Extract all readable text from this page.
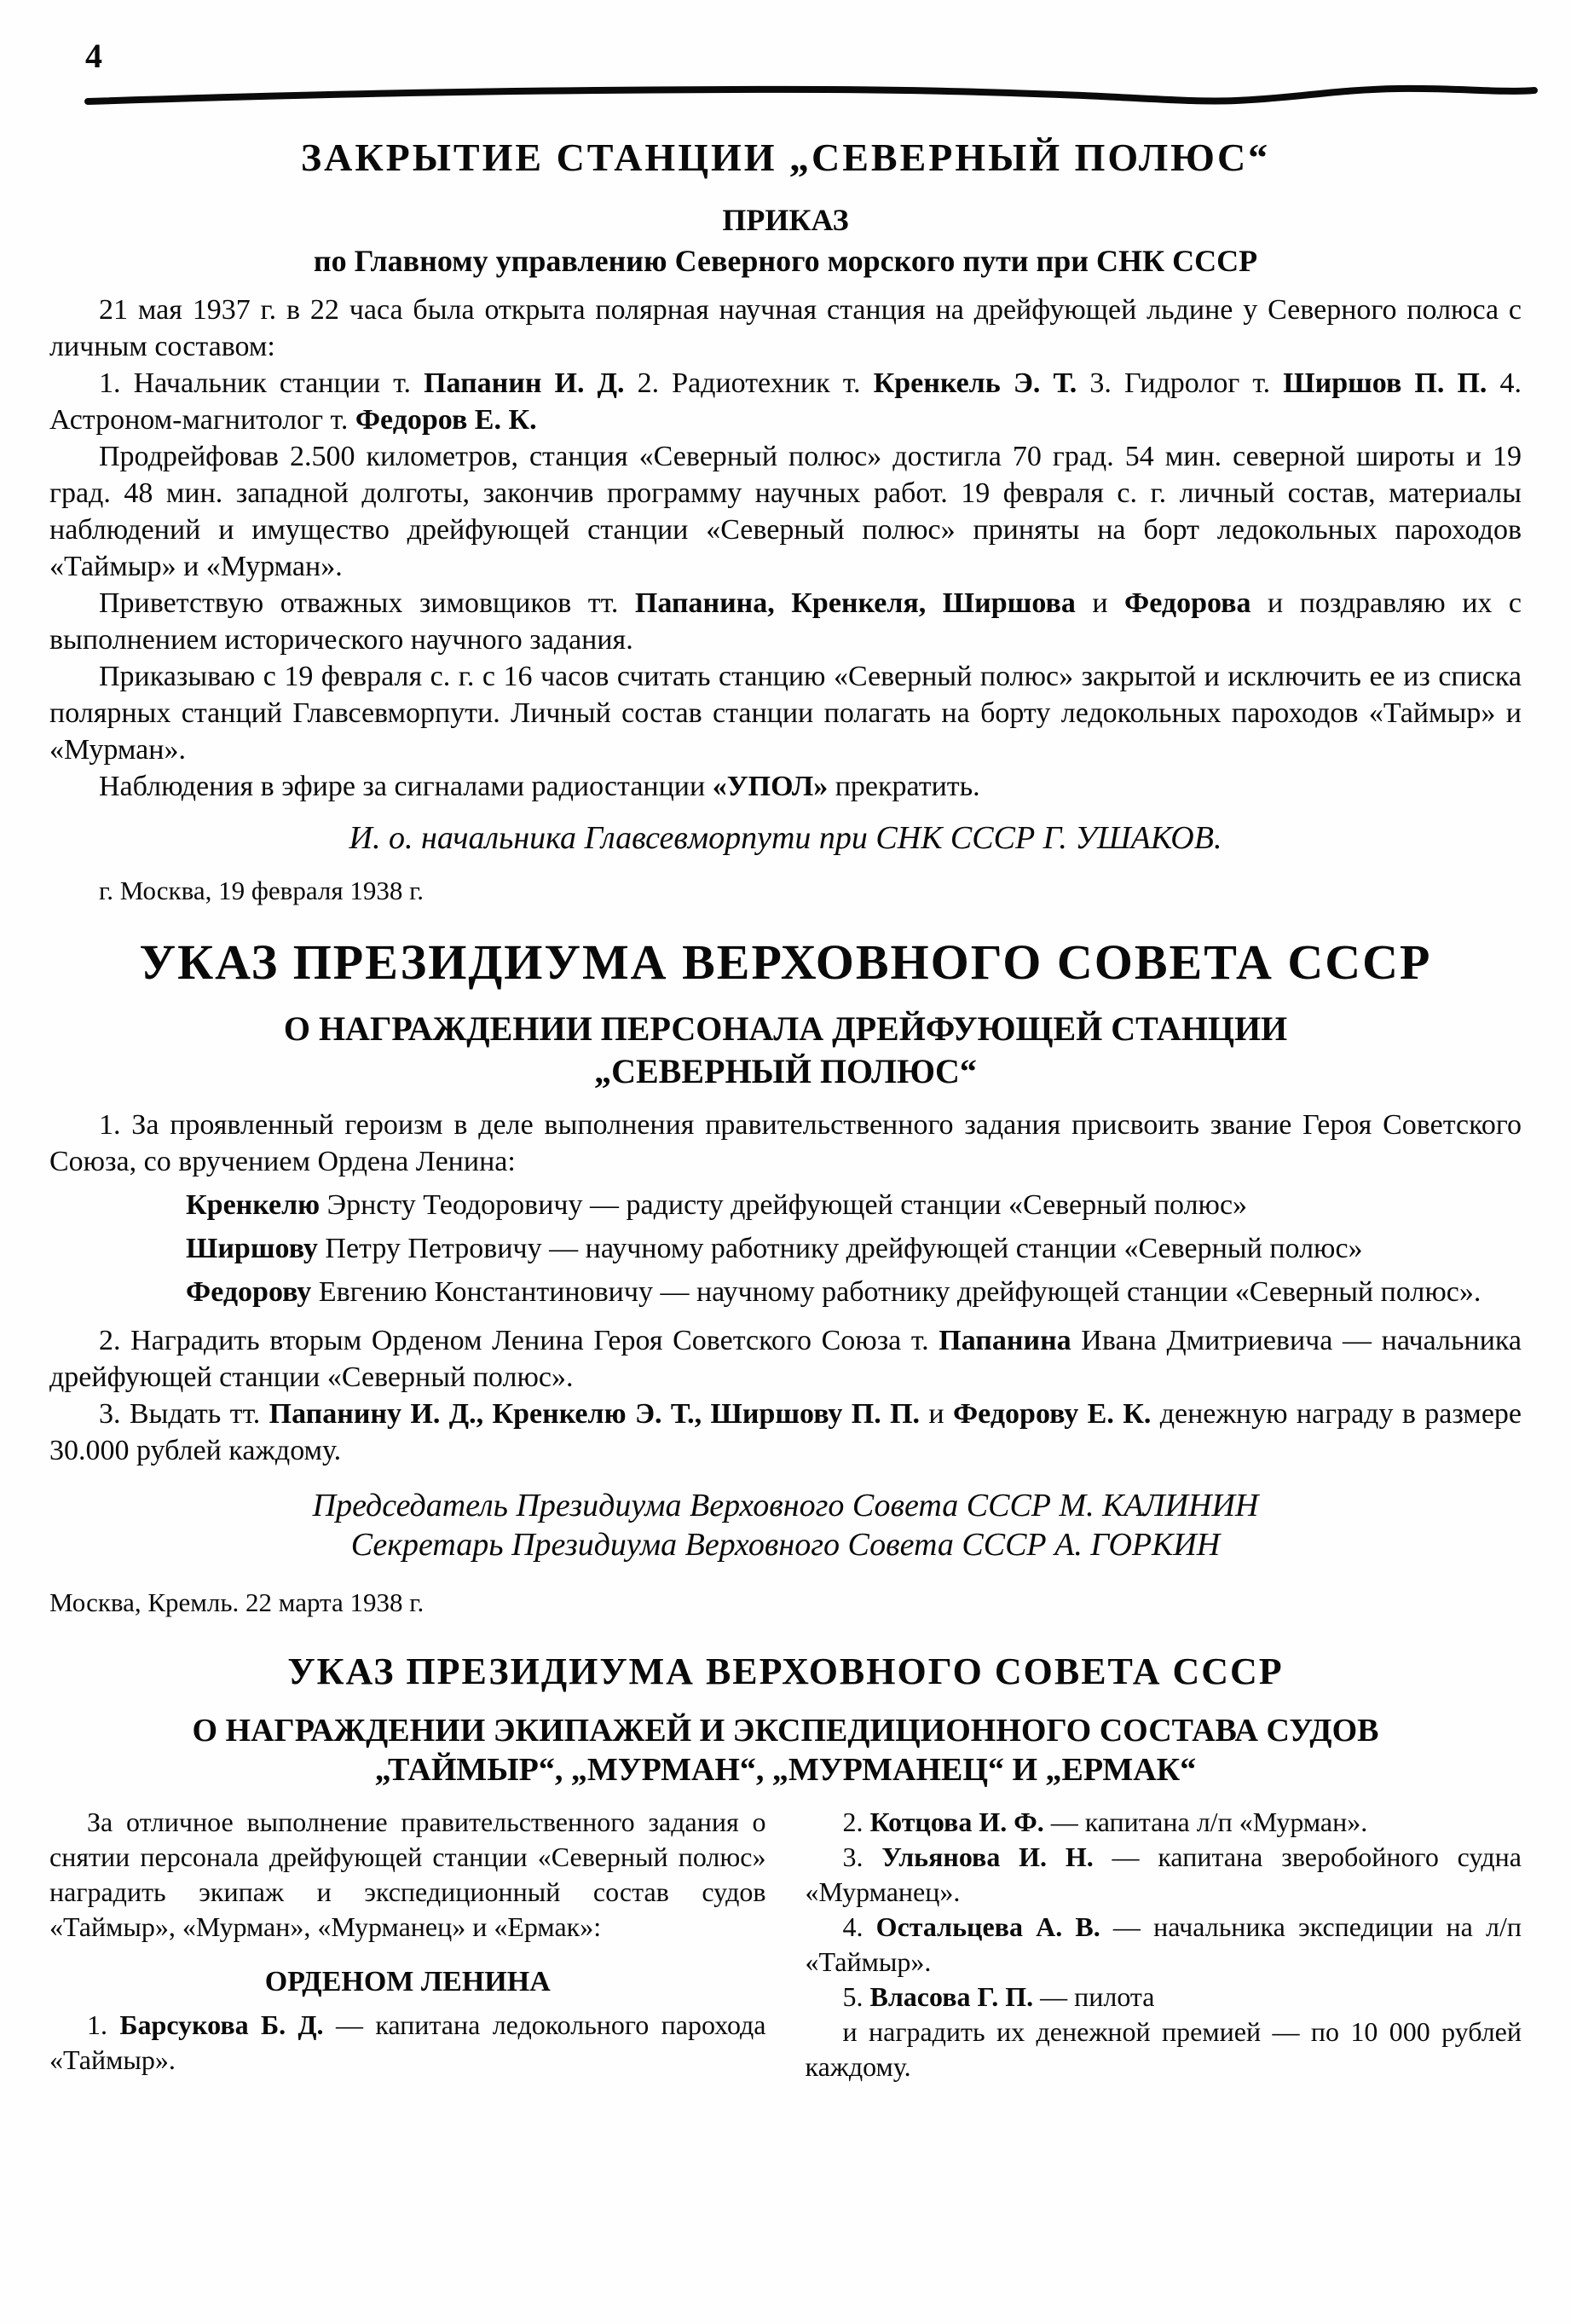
4
ЗАКРЫТИЕ СТАНЦИИ „СЕВЕРНЫЙ ПОЛЮС“
ПРИКАЗ
по Главному управлению Северного морского пути при СНК СССР

21 мая 1937 г. в 22 часа была открыта полярная научная станция на дрейфующей льдине у Северного полюса с личным составом:

1. Начальник станции т. Папанин И. Д. 2. Радиотехник т. Кренкель Э. Т. 3. Гидролог т. Ширшов П. П. 4. Астроном-магнитолог т. Федоров Е. К.

Продрейфовав 2.500 километров, станция «Северный полюс» достигла 70 град. 54 мин. северной широты и 19 град. 48 мин. западной долготы, закончив программу научных работ. 19 февраля с. г. личный состав, материалы наблюдений и имущество дрейфующей станции «Северный полюс» приняты на борт ледокольных пароходов «Таймыр» и «Мурман».

Приветствую отважных зимовщиков тт. Папанина, Кренкеля, Ширшова и Федорова и поздравляю их с выполнением исторического научного задания.

Приказываю с 19 февраля с. г. с 16 часов считать станцию «Северный полюс» закрытой и исключить ее из списка полярных станций Главсевморпути. Личный состав станции полагать на борту ледокольных пароходов «Таймыр» и «Мурман».

Наблюдения в эфире за сигналами радиостанции «УПОЛ» прекратить.

И. о. начальника Главсевморпути при СНК СССР Г. УШАКОВ.
г. Москва, 19 февраля 1938 г.
УКАЗ ПРЕЗИДИУМА ВЕРХОВНОГО СОВЕТА СССР
О НАГРАЖДЕНИИ ПЕРСОНАЛА ДРЕЙФУЮЩЕЙ СТАНЦИИ
„СЕВЕРНЫЙ ПОЛЮС“

1. За проявленный героизм в деле выполнения правительственного задания присвоить звание Героя Советского Союза, со вручением Ордена Ленина:

Кренкелю Эрнсту Теодоровичу — радисту дрейфующей станции «Северный полюс»

Ширшову Петру Петровичу — научному работнику дрейфующей станции «Северный полюс»

Федорову Евгению Константиновичу — научному работнику дрейфующей станции «Северный полюс».

2. Наградить вторым Орденом Ленина Героя Советского Союза т. Папанина Ивана Дмитриевича — начальника дрейфующей станции «Северный полюс».

3. Выдать тт. Папанину И. Д., Кренкелю Э. Т., Ширшову П. П. и Федорову Е. К. денежную награду в размере 30.000 рублей каждому.

Председатель Президиума Верховного Совета СССР М. КАЛИНИН
Секретарь Президиума Верховного Совета СССР А. ГОРКИН
Москва, Кремль. 22 марта 1938 г.
УКАЗ ПРЕЗИДИУМА ВЕРХОВНОГО СОВЕТА СССР
О НАГРАЖДЕНИИ ЭКИПАЖЕЙ И ЭКСПЕДИЦИОННОГО СОСТАВА СУДОВ
„ТАЙМЫР“, „МУРМАН“, „МУРМАНЕЦ“ И „ЕРМАК“

За отличное выполнение правительственного задания о снятии персонала дрейфующей станции «Северный полюс» наградить экипаж и экспедиционный состав судов «Таймыр», «Мурман», «Мурманец» и «Ермак»:

ОРДЕНОМ ЛЕНИНА

1. Барсукова Б. Д. — капитана ледокольного парохода «Таймыр».

2. Котцова И. Ф. — капитана л/п «Мурман».

3. Ульянова И. Н. — капитана зверобойного судна «Мурманец».

4. Остальцева А. В. — начальника экспедиции на л/п «Таймыр».

5. Власова Г. П. — пилота

и наградить их денежной премией — по 10 000 рублей каждому.
